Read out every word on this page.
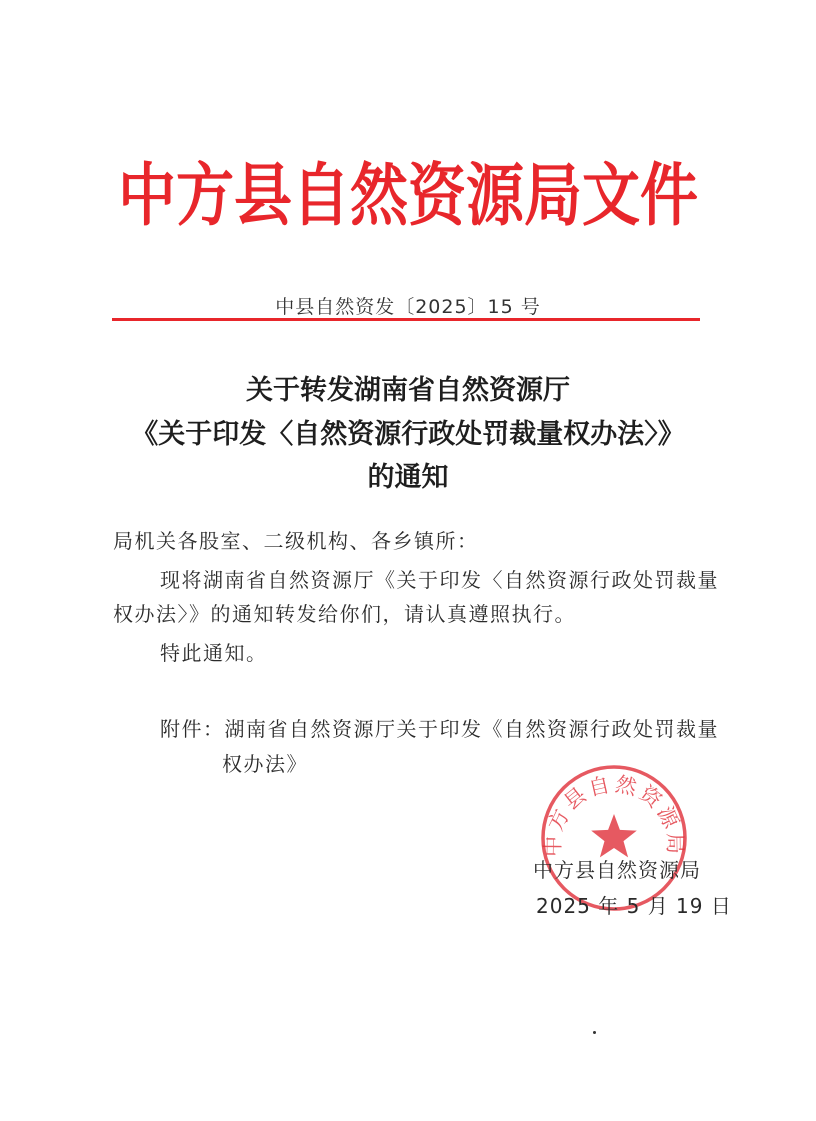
中方县自然资源局文件
中县自然资发〔2025〕15 号
关于转发湖南省自然资源厅
《关于印发〈自然资源行政处罚裁量权办法〉》
的通知
局机关各股室、二级机构、各乡镇所：
现将湖南省自然资源厅《关于印发〈自然资源行政处罚裁量
权办法〉》的通知转发给你们，请认真遵照执行。
特此通知。
附件：湖南省自然资源厅关于印发《自然资源行政处罚裁量
权办法》
中方县自然资源局
中方县自然资源局
2025 年 5 月 19 日
